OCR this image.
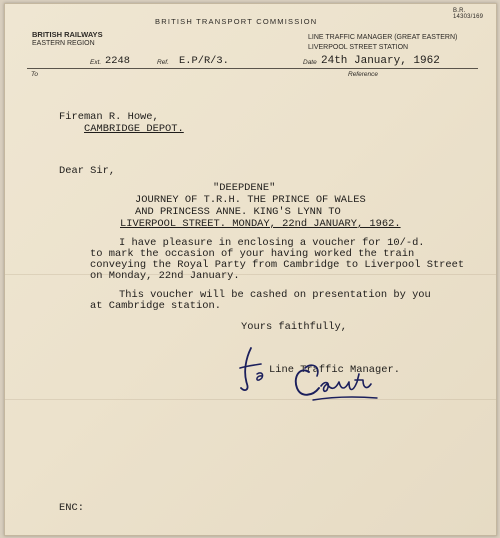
B.R. 14303/169
BRITISH TRANSPORT COMMISSION
BRITISH RAILWAYS
EASTERN REGION
LINE TRAFFIC MANAGER (GREAT EASTERN)
LIVERPOOL STREET STATION
Ext. 2248	Ref. E.P/R/3.	Date 24th January, 1962
To	Reference
Fireman R. Howe,
CAMBRIDGE DEPOT.
Dear Sir,
"DEEPDENE"
JOURNEY OF T.R.H. THE PRINCE OF WALES
AND PRINCESS ANNE. KING'S LYNN TO
LIVERPOOL STREET. MONDAY, 22nd JANUARY, 1962.
I have pleasure in enclosing a voucher for 10/-d.
to mark the occasion of your having worked the train
conveying the Royal Party from Cambridge to Liverpool Street
on Monday, 22nd January.
This voucher will be cashed on presentation by you
at Cambridge station.
Yours faithfully,
Line Traffic Manager.
ENC:
